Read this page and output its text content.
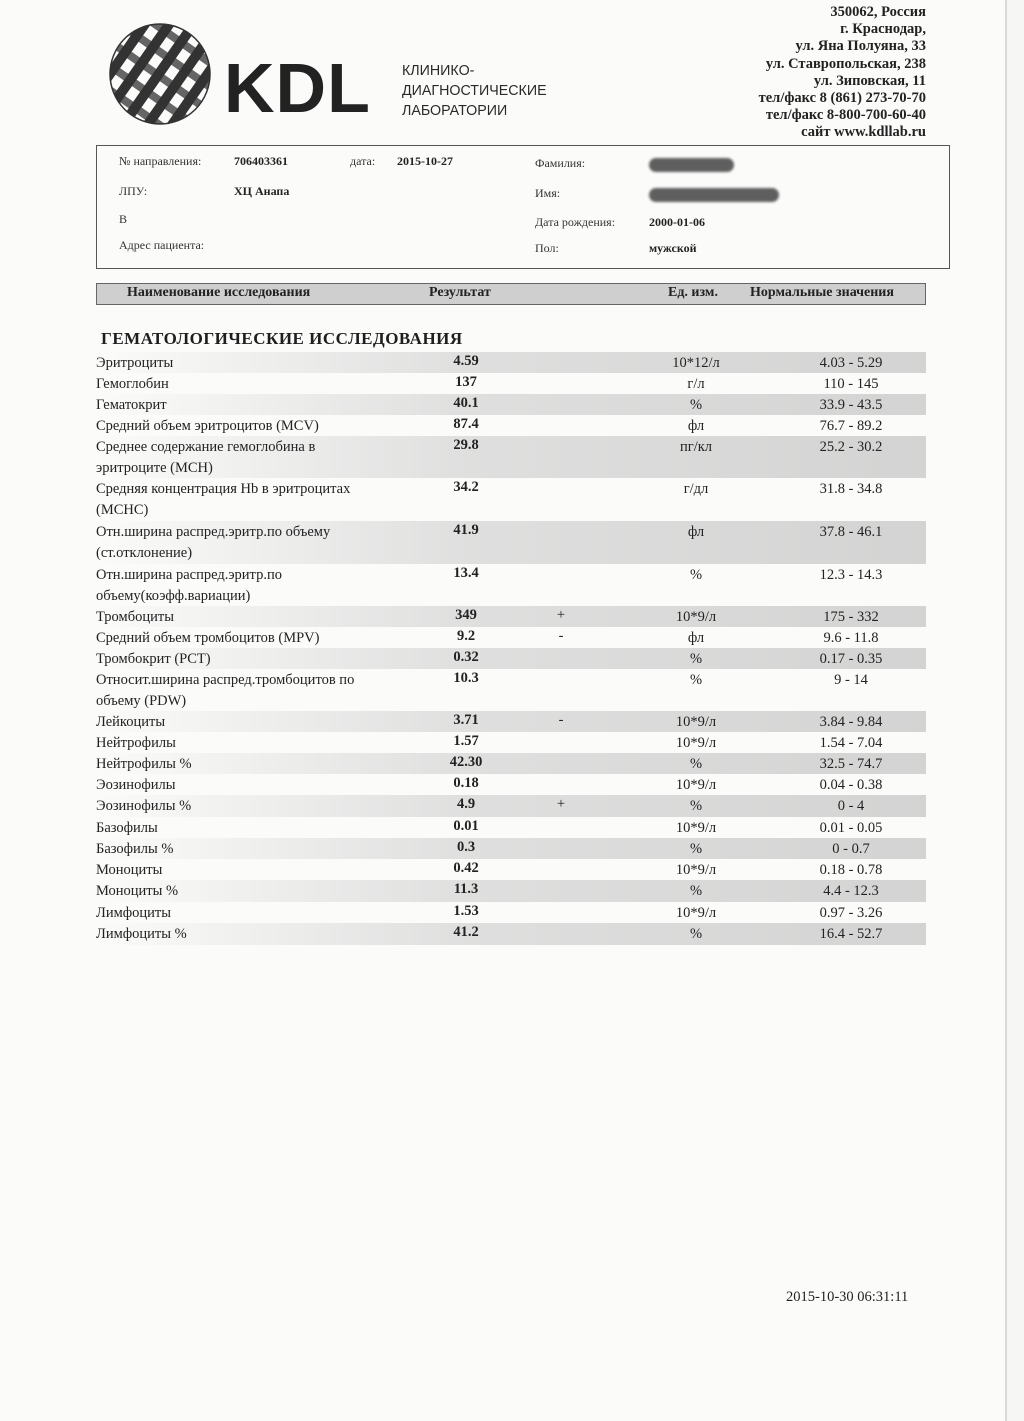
KDL КЛИНИКО-
ДИАГНОСТИЧЕСКИЕ
ЛАБОРАТОРИИ
350062, Россия
г. Краснодар,
ул. Яна Полуяна, 33
ул. Ставропольская, 238
ул. Зиповская, 11
тел/факс 8 (861) 273-70-70
тел/факс 8-800-700-60-40
сайт www.kdllab.ru
№ направления:	706403361	дата: 2015-10-27	Фамилия:
ЛПУ:	ХЦ Анапа	Имя:
В	Дата рождения:	2000-01-06
Адрес пациента:	Пол:	мужской
Наименование исследования	Результат	Ед. изм. Нормальные значения
ГЕМАТОЛОГИЧЕСКИЕ ИССЛЕДОВАНИЯ
Эритроциты	4.59	10*12/л	4.03 - 5.29
Гемоглобин	137	г/л	110 - 145
Гематокрит	40.1	%	33.9 - 43.5
Средний объем эритроцитов (MCV)	87.4	фл	76.7 - 89.2
Среднее содержание гемоглобина в эритроците (MCH)
29.8	пг/кл	25.2 - 30.2
Средняя концентрация Hb в эритроцитах (MCHC)
34.2	г/дл	31.8 - 34.8
Отн.ширина распред.эритр.по объему (ст.отклонение)
41.9	фл	37.8 - 46.1
Отн.ширина распред.эритр.по объему(коэфф.вариации)
13.4	%	12.3 - 14.3
Тромбоциты	349	+	10*9/л	175 - 332
Средний объем тромбоцитов (MPV)	9.2	-	фл	9.6 - 11.8
Тромбокрит (PCT)	0.32	%	0.17 - 0.35
Относит.ширина распред.тромбоцитов по объему (PDW)
10.3	%	9 - 14
Лейкоциты	3.71	-	10*9/л	3.84 - 9.84
Нейтрофилы	1.57	10*9/л	1.54 - 7.04
Нейтрофилы %	42.30	%	32.5 - 74.7
Эозинофилы	0.18	10*9/л	0.04 - 0.38
Эозинофилы %	4.9	+	%	0 - 4
Базофилы	0.01	10*9/л	0.01 - 0.05
Базофилы %	0.3	%	0 - 0.7
Моноциты	0.42	10*9/л	0.18 - 0.78
Моноциты %	11.3	%	4.4 - 12.3
Лимфоциты	1.53	10*9/л	0.97 - 3.26
Лимфоциты %	41.2	%	16.4 - 52.7
2015-10-30 06:31:11
